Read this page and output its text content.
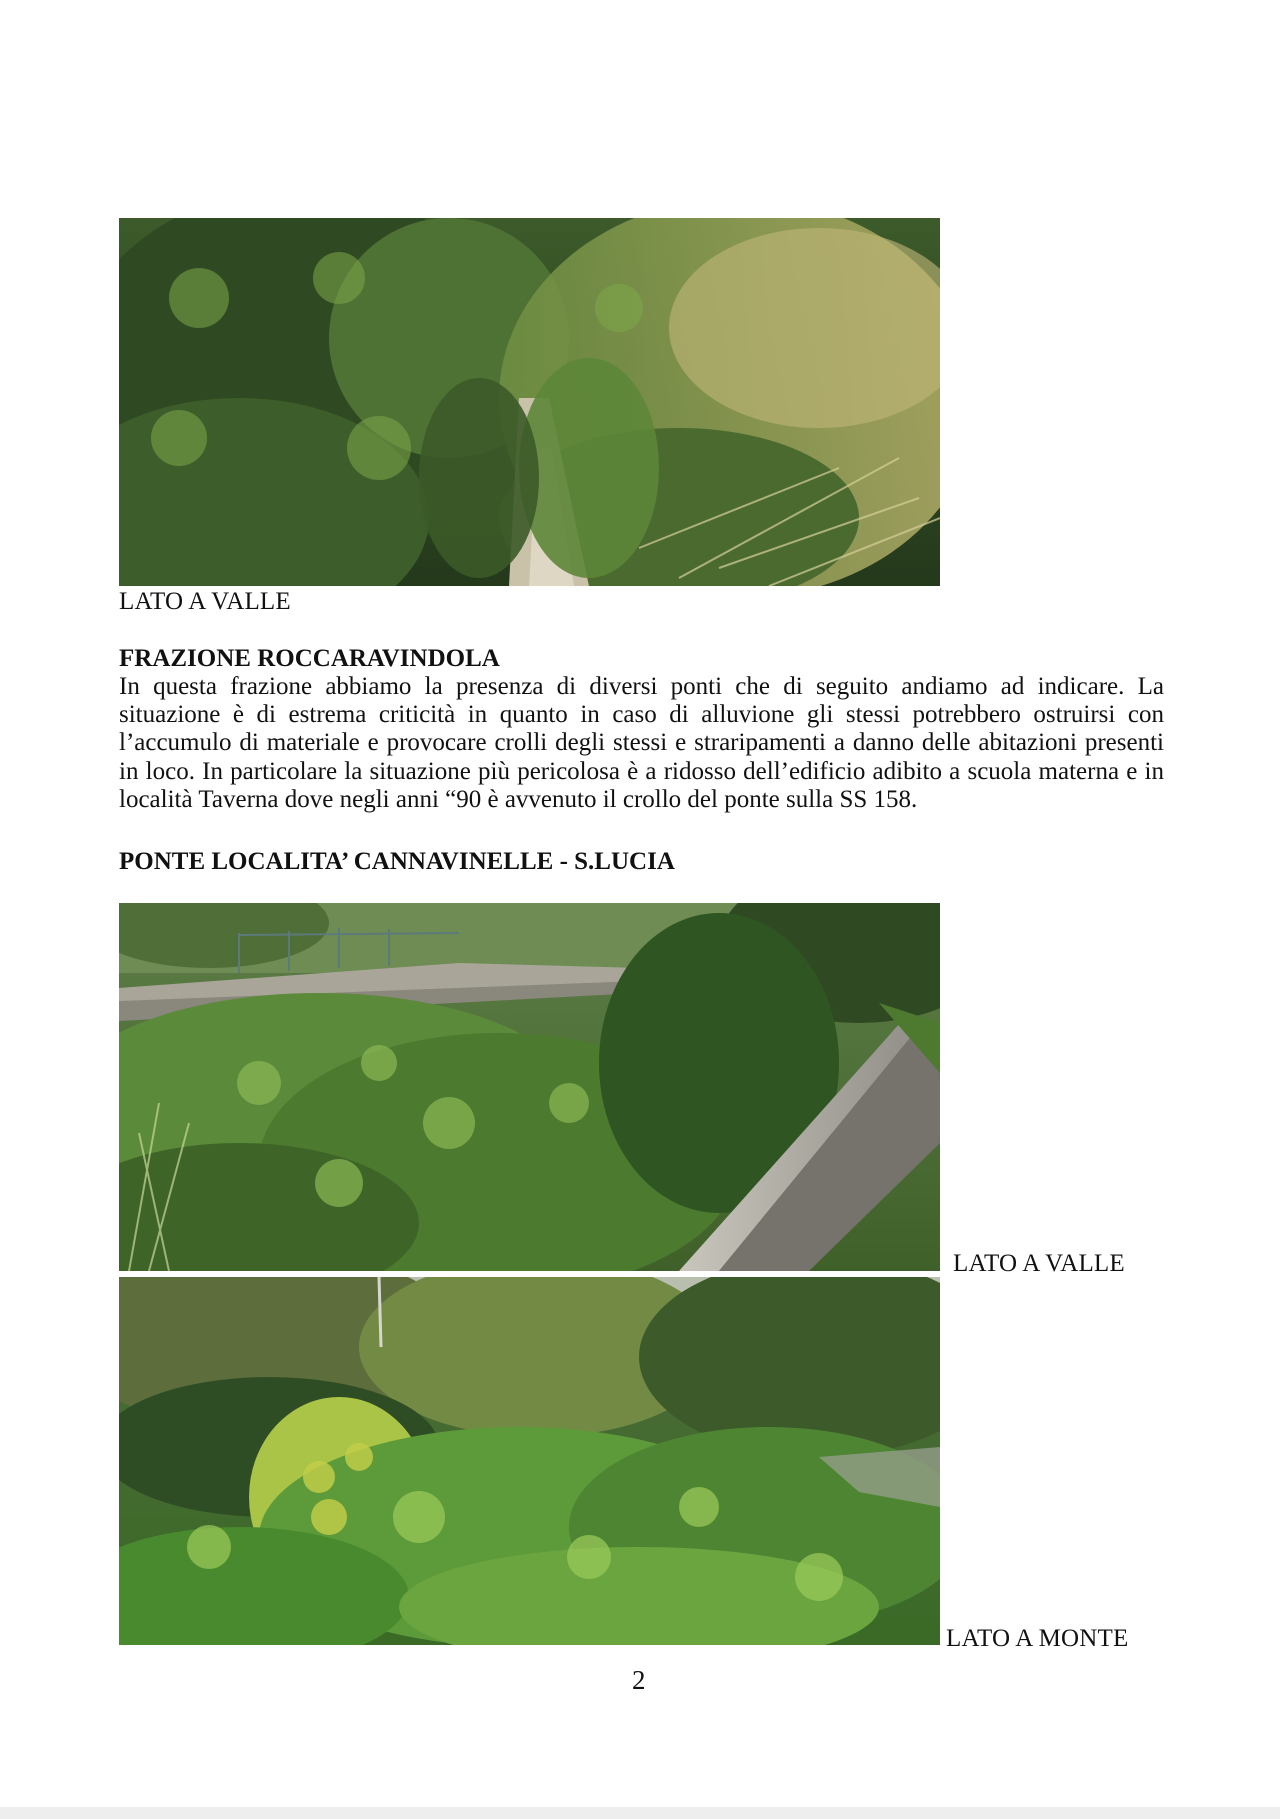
LATO A VALLE
FRAZIONE ROCCARAVINDOLA

In questa frazione abbiamo la presenza di diversi ponti che di seguito andiamo ad indicare. La situazione è di estrema criticità in quanto in caso di alluvione gli stessi potrebbero ostruirsi con l’accumulo di materiale e provocare crolli degli stessi e straripamenti a danno delle abitazioni presenti in loco. In particolare la situazione più pericolosa è a ridosso dell’edificio adibito a scuola materna e in località Taverna dove negli anni “90 è avvenuto il crollo del ponte sulla SS 158.

PONTE LOCALITA’ CANNAVINELLE - S.LUCIA
LATO A VALLE
LATO A MONTE
2
